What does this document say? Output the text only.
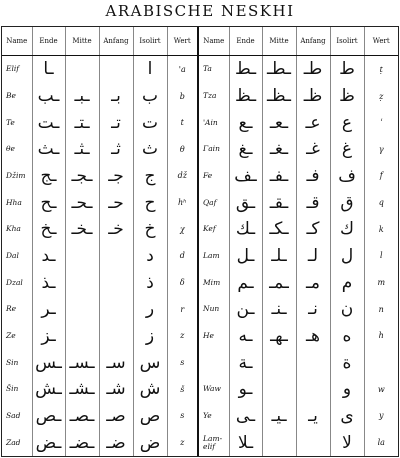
ARABISCHE NESKHI
Name	Ende	Mitte	Anfang	Isolirt	Wert	Name	Ende	Mitte	Anfang	Isolirt	Wert
Elif	ـا			ا	'a	Ta	ـط	ـطـ	طـ	ط	ṭ
Be	ـب	ـبـ	بـ	ب	b	Tza	ـظ	ـظـ	ظـ	ظ	ẓ
Te	ـت	ـتـ	تـ	ت	t	'Ain	ـع	ـعـ	عـ	ع	ʿ
θe	ـث	ـثـ	ثـ	ث	θ	Γain	ـغ	ـغـ	غـ	غ	γ
Džim	ـج	ـجـ	جـ	ج	dž	Fe	ـف	ـفـ	فـ	ف	f
Hha	ـح	ـحـ	حـ	ح	hʰ	Qaf	ـق	ـقـ	قـ	ق	q
Kha	ـخ	ـخـ	خـ	خ	χ	Kef	ـك	ـكـ	كـ	ك	k
Dal	ـد			د	d	Lam	ـل	ـلـ	لـ	ل	l
Dzal	ـذ			ذ	δ	Mim	ـم	ـمـ	مـ	م	m
Re	ـر			ر	r	Nun	ـن	ـنـ	نـ	ن	n
Ze	ـز			ز	z	He	ـه	ـهـ	هـ	ه	h
Sin	ـس	ـسـ	سـ	س	s		ـة			ة	
Šin	ـش	ـشـ	شـ	ش	š	Waw	ـو			و	w
Sad	ـص	ـصـ	صـ	ص	s	Ye	ـى	ـيـ	يـ	ى	y
Zad	ـض	ـضـ	ضـ	ض	z	Lam-elif	ـلا			لا	la
